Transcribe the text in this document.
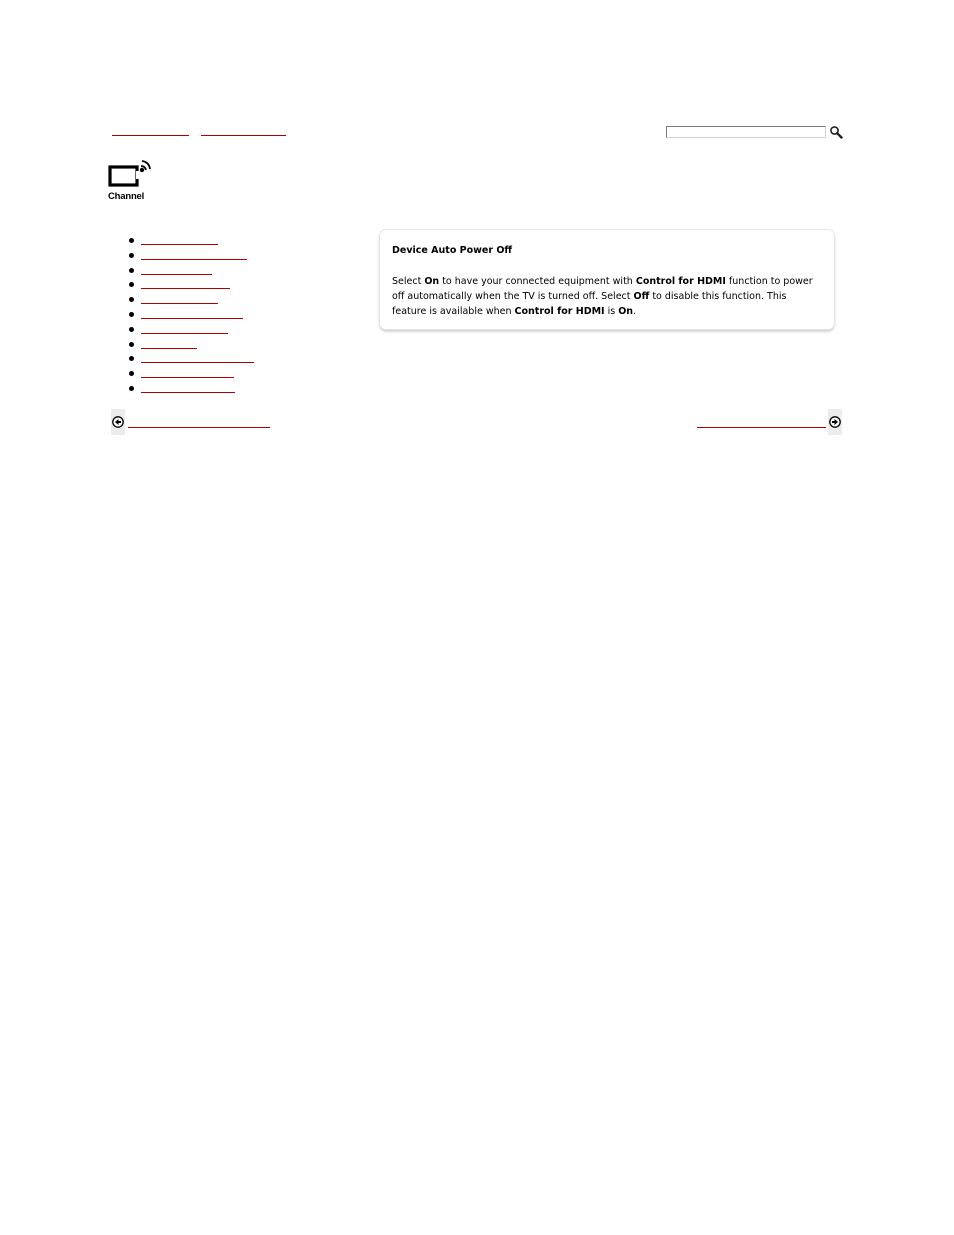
Channel
Device Auto Power Off
Select On to have your connected equipment with Control for HDMI function to power off automatically when the TV is turned off. Select Off to disable this function. This feature is available when Control for HDMI is On.
